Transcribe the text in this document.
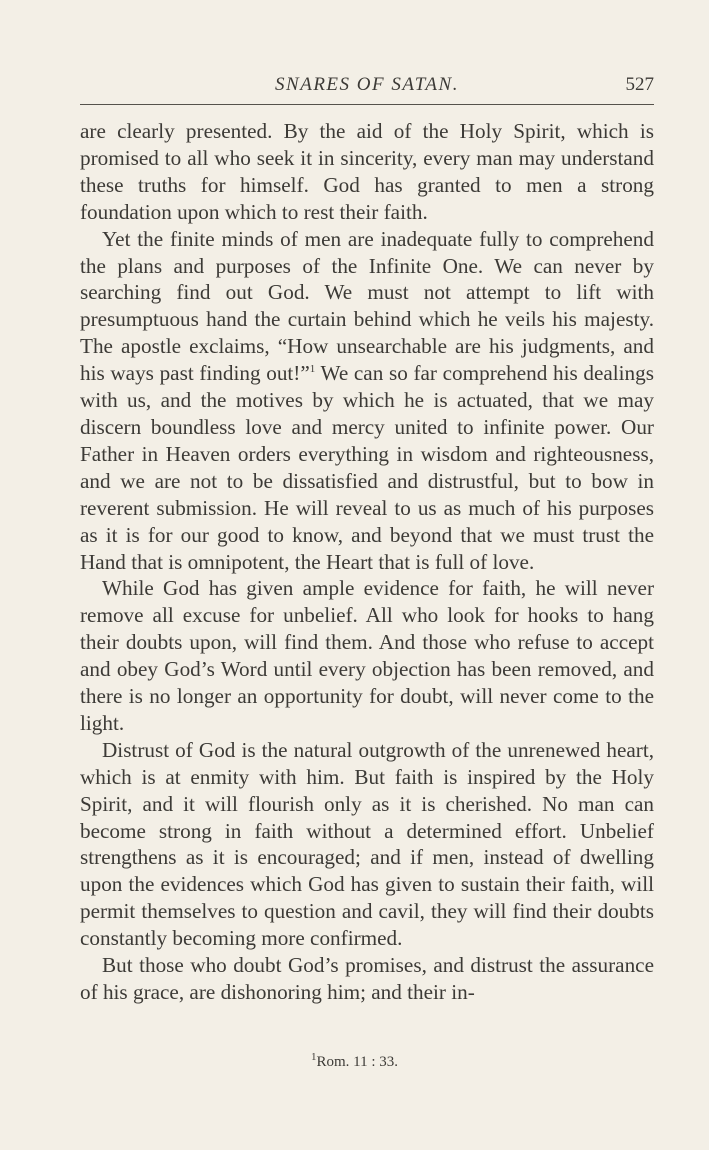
SNARES OF SATAN.	527

are clearly presented. By the aid of the Holy Spirit, which is promised to all who seek it in sincerity, every man may understand these truths for himself. God has granted to men a strong foundation upon which to rest their faith.

Yet the finite minds of men are inadequate fully to comprehend the plans and purposes of the Infinite One. We can never by searching find out God. We must not attempt to lift with presumptuous hand the curtain behind which he veils his majesty. The apostle exclaims, “How unsearchable are his judgments, and his ways past finding out!”$^1$ We can so far comprehend his dealings with us, and the motives by which he is actuated, that we may discern boundless love and mercy united to infinite power. Our Father in Heaven orders everything in wisdom and righteousness, and we are not to be dissatisfied and distrustful, but to bow in reverent submission. He will reveal to us as much of his purposes as it is for our good to know, and beyond that we must trust the Hand that is omnipotent, the Heart that is full of love.

While God has given ample evidence for faith, he will never remove all excuse for unbelief. All who look for hooks to hang their doubts upon, will find them. And those who refuse to accept and obey God’s Word until every objection has been removed, and there is no longer an opportunity for doubt, will never come to the light.

Distrust of God is the natural outgrowth of the unrenewed heart, which is at enmity with him. But faith is inspired by the Holy Spirit, and it will flourish only as it is cherished. No man can become strong in faith without a determined effort. Unbelief strengthens as it is encouraged; and if men, instead of dwelling upon the evidences which God has given to sustain their faith, will permit themselves to question and cavil, they will find their doubts constantly becoming more confirmed.

But those who doubt God’s promises, and distrust the assurance of his grace, are dishonoring him; and their in-

$^1$Rom. 11 : 33.
